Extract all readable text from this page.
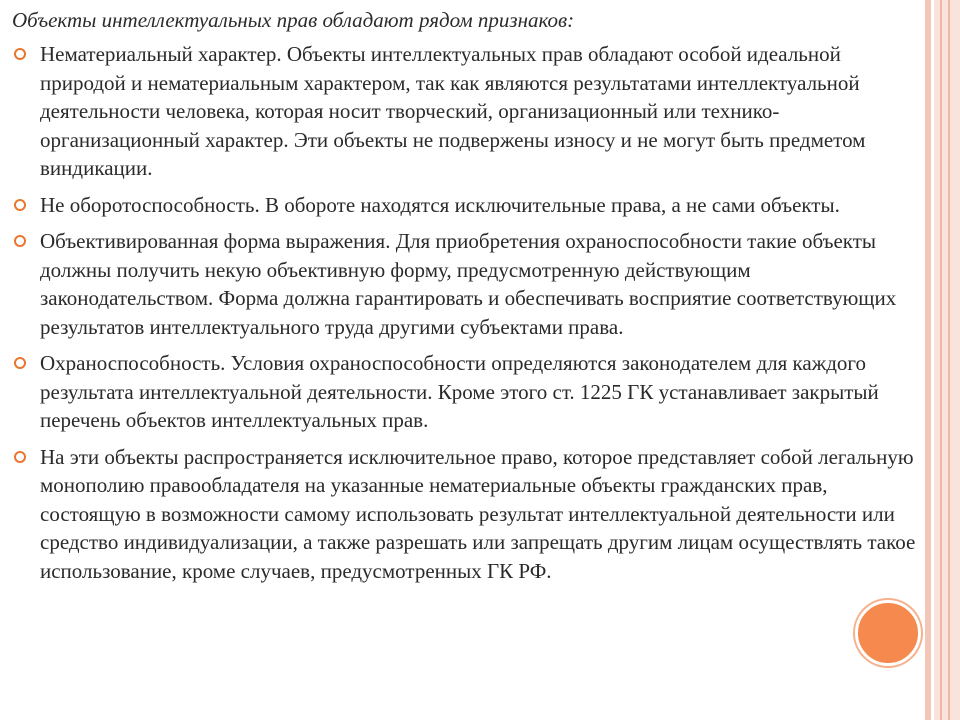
Объекты интеллектуальных прав обладают рядом признаков:

Нематериальный характер. Объекты интеллектуальных прав обладают особой идеальной природой и нематериальным характером, так как являются результатами интеллектуальной деятельности человека, которая носит творческий, организационный или технико-организационный характер. Эти объекты не подвержены износу и не могут быть предметом виндикации.
Не оборотоспособность. В обороте находятся исключительные права, а не сами объекты.
Объективированная форма выражения. Для приобретения охраноспособности такие объекты должны получить некую объективную форму, предусмотренную действующим законодательством. Форма должна гарантировать и обеспечивать восприятие соответствующих результатов интеллектуального труда другими субъектами права.
Охраноспособность. Условия охраноспособности определяются законодателем для каждого результата интеллектуальной деятельности. Кроме этого ст. 1225 ГК устанавливает закрытый перечень объектов интеллектуальных прав.
На эти объекты распространяется исключительное право, которое представляет собой легальную монополию правообладателя на указанные нематериальные объекты гражданских прав, состоящую в возможности самому использовать результат интеллектуальной деятельности или средство индивидуализации, а также разрешать или запрещать другим лицам осуществлять такое использование, кроме случаев, предусмотренных ГК РФ.
